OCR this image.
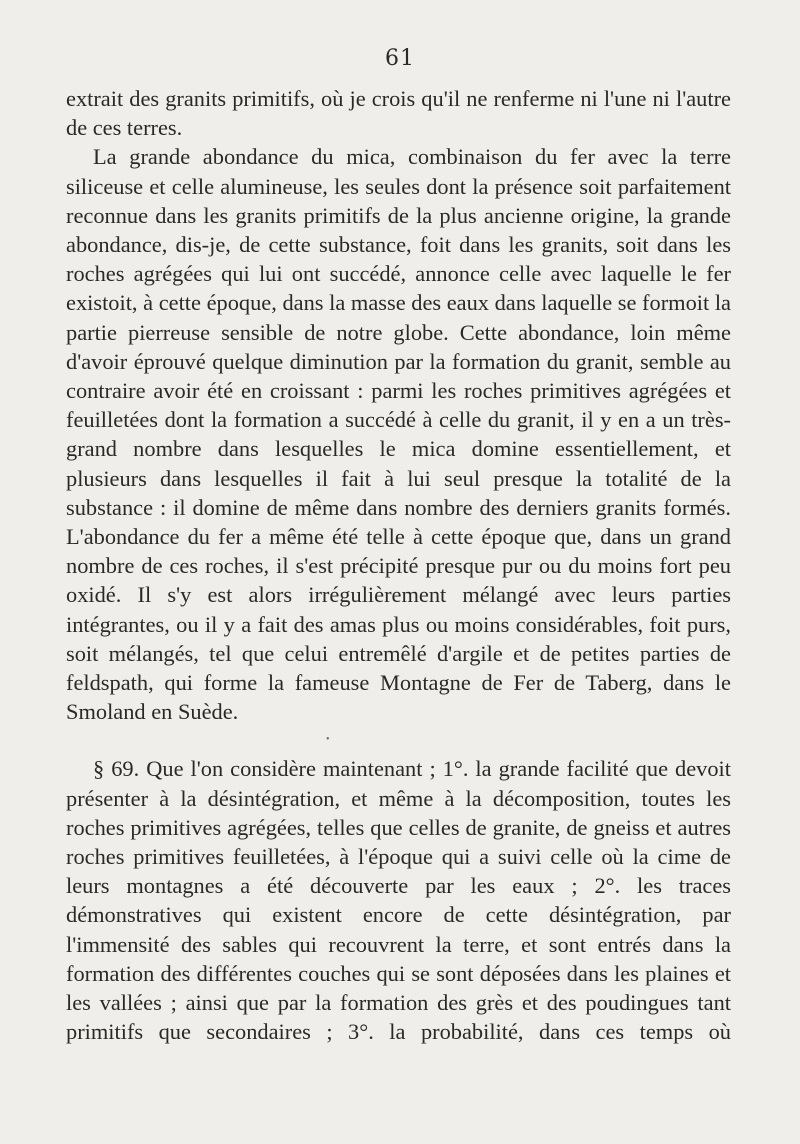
61

extrait des granits primitifs, où je crois qu'il ne renferme ni l'une ni l'autre de ces terres.

La grande abondance du mica, combinaison du fer avec la terre siliceuse et celle alumineuse, les seules dont la présence soit parfaitement reconnue dans les granits primitifs de la plus ancienne origine, la grande abondance, dis-je, de cette substance, foit dans les granits, soit dans les roches agrégées qui lui ont succédé, annonce celle avec laquelle le fer existoit, à cette époque, dans la masse des eaux dans laquelle se formoit la partie pierreuse sensible de notre globe. Cette abondance, loin même d'avoir éprouvé quelque diminution par la formation du granit, semble au contraire avoir été en croissant : parmi les roches primitives agrégées et feuilletées dont la formation a succédé à celle du granit, il y en a un très-grand nombre dans lesquelles le mica domine essentiellement, et plusieurs dans lesquelles il fait à lui seul presque la totalité de la substance : il domine de même dans nombre des derniers granits formés. L'abondance du fer a même été telle à cette époque que, dans un grand nombre de ces roches, il s'est précipité presque pur ou du moins fort peu oxidé. Il s'y est alors irrégulièrement mélangé avec leurs parties intégrantes, ou il y a fait des amas plus ou moins considérables, foit purs, soit mélangés, tel que celui entremêlé d'argile et de petites parties de feldspath, qui forme la fameuse Montagne de Fer de Taberg, dans le Smoland en Suède.

•

§ 69. Que l'on considère maintenant ; 1°. la grande facilité que devoit présenter à la désintégration, et même à la décomposition, toutes les roches primitives agrégées, telles que celles de granite, de gneiss et autres roches primitives feuilletées, à l'époque qui a suivi celle où la cime de leurs montagnes a été découverte par les eaux ; 2°. les traces démonstratives qui existent encore de cette désintégration, par l'immensité des sables qui recouvrent la terre, et sont entrés dans la formation des différentes couches qui se sont déposées dans les plaines et les vallées ; ainsi que par la formation des grès et des poudingues tant primitifs que secondaires ; 3°. la probabilité, dans ces temps où
